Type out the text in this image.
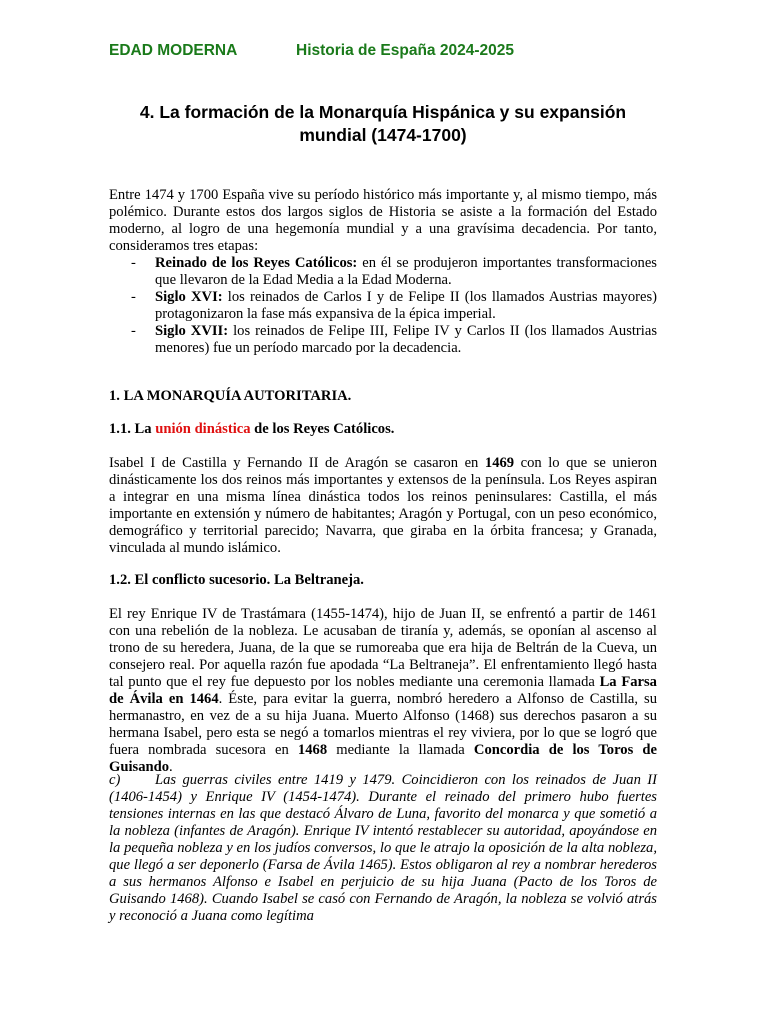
EDAD MODERNA	Historia de España 2024-2025

4. La formación de la Monarquía Hispánica y su expansión mundial (1474-1700)

Entre 1474 y 1700 España vive su período histórico más importante y, al mismo tiempo, más polémico. Durante estos dos largos siglos de Historia se asiste a la formación del Estado moderno, al logro de una hegemonía mundial y a una gravísima decadencia. Por tanto, consideramos tres etapas:

- Reinado de los Reyes Católicos: en él se produjeron importantes transformaciones que llevaron de la Edad Media a la Edad Moderna.
- Siglo XVI: los reinados de Carlos I y de Felipe II (los llamados Austrias mayores) protagonizaron la fase más expansiva de la épica imperial.
- Siglo XVII: los reinados de Felipe III, Felipe IV y Carlos II (los llamados Austrias menores) fue un período marcado por la decadencia.
1. LA MONARQUÍA AUTORITARIA.
1.1. La unión dinástica de los Reyes Católicos.

Isabel I de Castilla y Fernando II de Aragón se casaron en 1469 con lo que se unieron dinásticamente los dos reinos más importantes y extensos de la península. Los Reyes aspiran a integrar en una misma línea dinástica todos los reinos peninsulares: Castilla, el más importante en extensión y número de habitantes; Aragón y Portugal, con un peso económico, demográfico y territorial parecido; Navarra, que giraba en la órbita francesa; y Granada, vinculada al mundo islámico.

1.2. El conflicto sucesorio. La Beltraneja.

El rey Enrique IV de Trastámara (1455-1474), hijo de Juan II, se enfrentó a partir de 1461 con una rebelión de la nobleza. Le acusaban de tiranía y, además, se oponían al ascenso al trono de su heredera, Juana, de la que se rumoreaba que era hija de Beltrán de la Cueva, un consejero real. Por aquella razón fue apodada “La Beltraneja”. El enfrentamiento llegó hasta tal punto que el rey fue depuesto por los nobles mediante una ceremonia llamada La Farsa de Ávila en 1464. Éste, para evitar la guerra, nombró heredero a Alfonso de Castilla, su hermanastro, en vez de a su hija Juana. Muerto Alfonso (1468) sus derechos pasaron a su hermana Isabel, pero esta se negó a tomarlos mientras el rey viviera, por lo que se logró que fuera nombrada sucesora en 1468 mediante la llamada Concordia de los Toros de Guisando.

c) Las guerras civiles entre 1419 y 1479. Coincidieron con los reinados de Juan II (1406-1454) y Enrique IV (1454-1474). Durante el reinado del primero hubo fuertes tensiones internas en las que destacó Álvaro de Luna, favorito del monarca y que sometió a la nobleza (infantes de Aragón). Enrique IV intentó restablecer su autoridad, apoyándose en la pequeña nobleza y en los judíos conversos, lo que le atrajo la oposición de la alta nobleza, que llegó a ser deponerlo (Farsa de Ávila 1465). Estos obligaron al rey a nombrar herederos a sus hermanos Alfonso e Isabel en perjuicio de su hija Juana (Pacto de los Toros de Guisando 1468). Cuando Isabel se casó con Fernando de Aragón, la nobleza se volvió atrás y reconoció a Juana como legítima
